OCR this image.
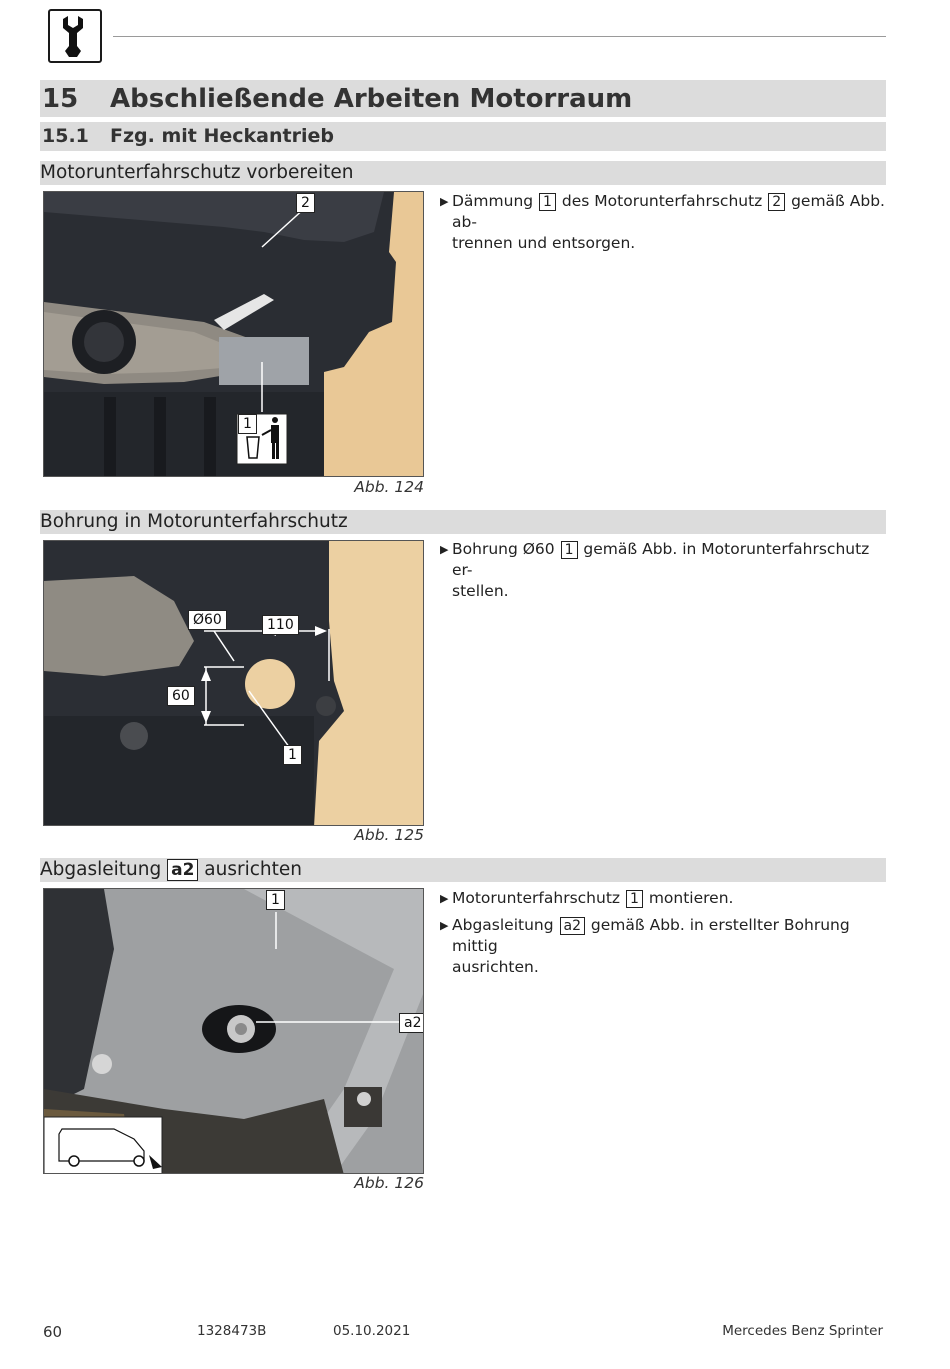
15 Abschließende Arbeiten Motorraum
15.1 Fzg. mit Heckantrieb
Motorunterfahrschutz vorbereiten
2
1
Abb. 124
▶ Dämmung 1 des Motorunterfahrschutz 2 gemäß Abb. ab-
trennen und entsorgen.
Bohrung in Motorunterfahrschutz
Ø60	110
60
1
Abb. 125
▶ Bohrung Ø60 1 gemäß Abb. in Motorunterfahrschutz er-
stellen.
Abgasleitung a2 ausrichten
1
a2
Abb. 126
▶ Motorunterfahrschutz 1 montieren.
▶ Abgasleitung a2 gemäß Abb. in erstellter Bohrung mittig
ausrichten.
60	1328473B	05.10.2021	Mercedes Benz Sprinter
